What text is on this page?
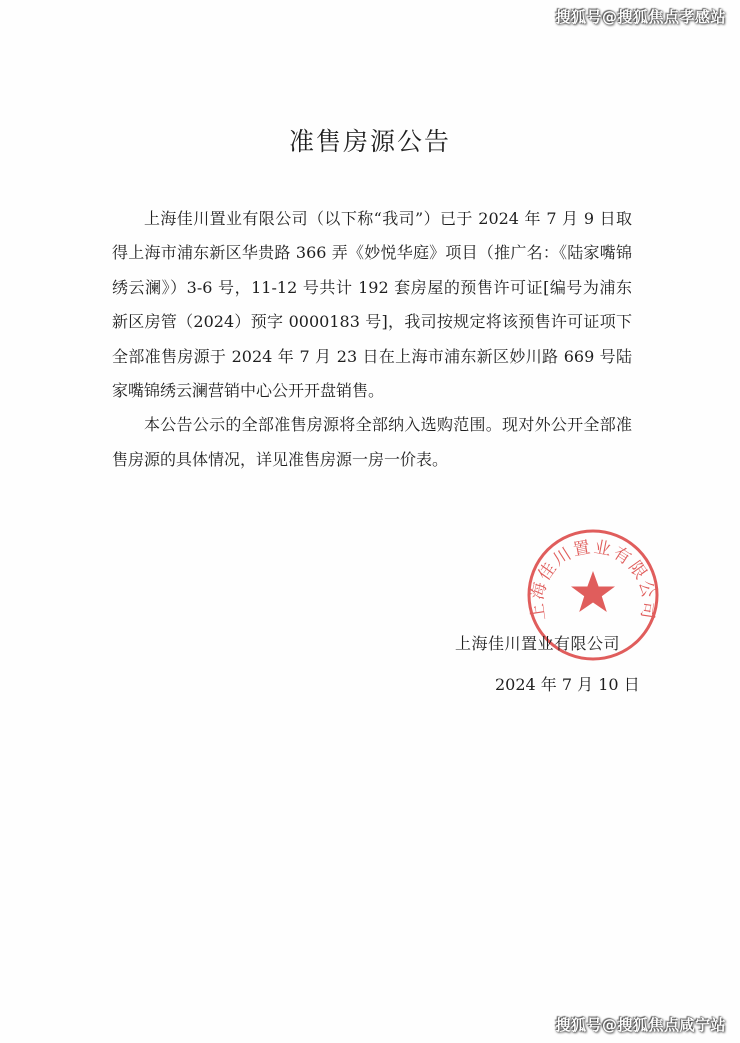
搜狐号@搜狐焦点孝感站
准售房源公告

上海佳川置业有限公司（以下称“我司”）已于 2024 年 7 月 9 日取得上海市浦东新区华贵路 366 弄《妙悦华庭》项目（推广名：《陆家嘴锦绣云澜》）3-6 号，11-12 号共计 192 套房屋的预售许可证[编号为浦东新区房管（2024）预字 0000183 号]，我司按规定将该预售许可证项下全部准售房源于 2024 年 7 月 23 日在上海市浦东新区妙川路 669 号陆家嘴锦绣云澜营销中心公开开盘销售。

本公告公示的全部准售房源将全部纳入选购范围。现对外公开全部准售房源的具体情况，详见准售房源一房一价表。

上海佳川置业有限公司
上海佳川置业有限公司
2024 年 7 月 10 日
搜狐号@搜狐焦点咸宁站
